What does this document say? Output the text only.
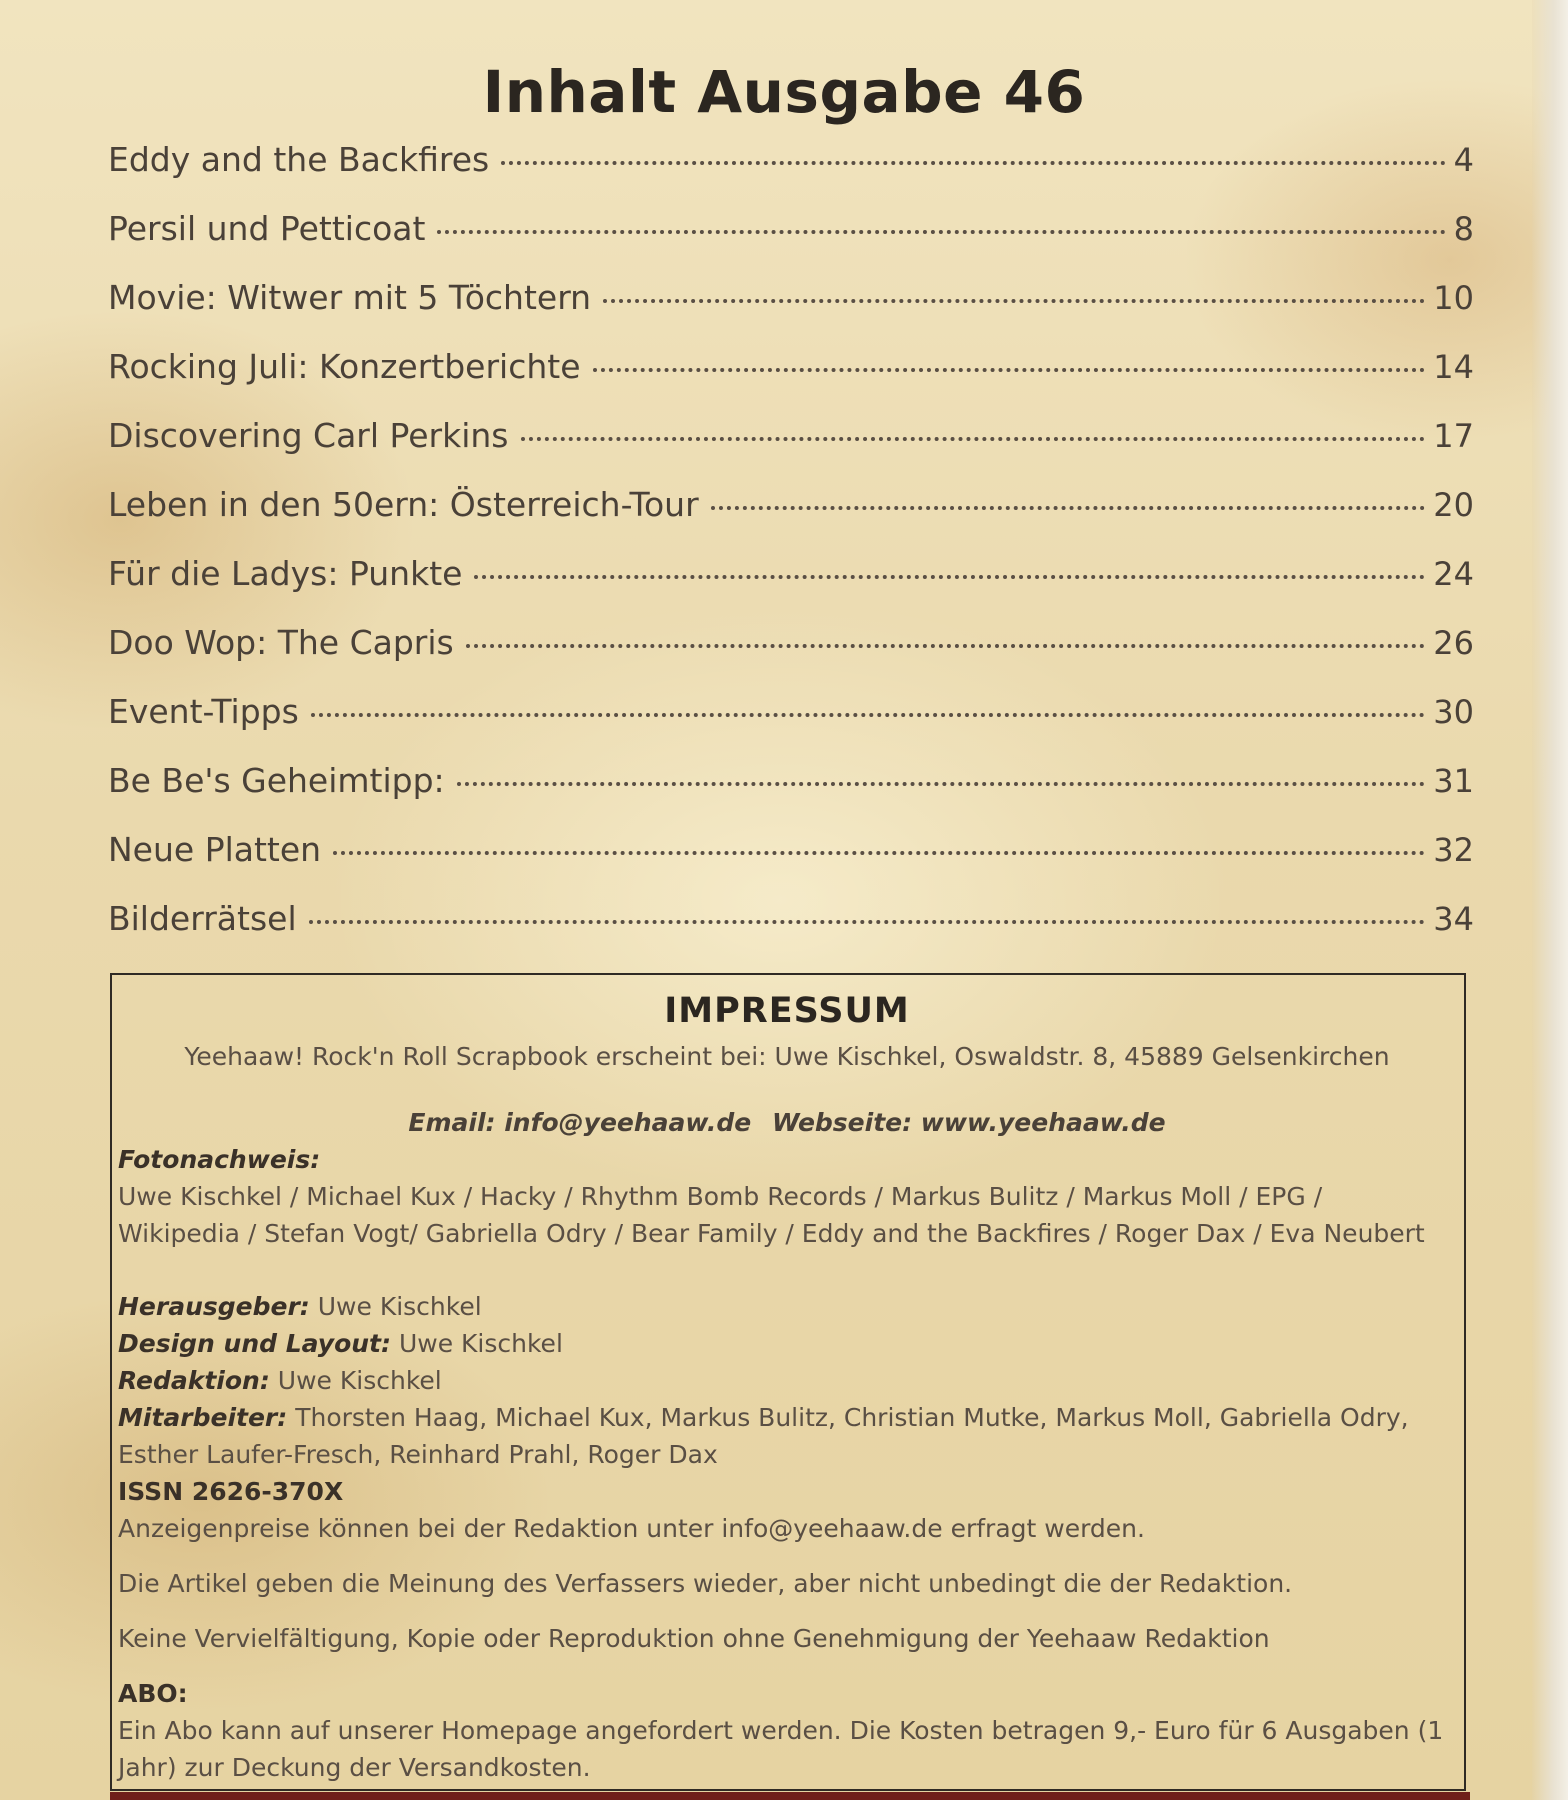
Inhalt Ausgabe 46
Eddy and the Backfires	4
Persil und Petticoat	8
Movie: Witwer mit 5 Töchtern	10
Rocking Juli: Konzertberichte	14
Discovering Carl Perkins	17
Leben in den 50ern: Österreich-Tour	20
Für die Ladys: Punkte	24
Doo Wop: The Capris	26
Event-Tipps	30
Be Be's Geheimtipp:	31
Neue Platten	32
Bilderrätsel	34
IMPRESSUM
Yeehaaw! Rock'n Roll Scrapbook erscheint bei: Uwe Kischkel, Oswaldstr. 8, 45889 Gelsenkirchen
Email: info@yeehaaw.de Webseite: www.yeehaaw.de
Fotonachweis:
Uwe Kischkel / Michael Kux / Hacky / Rhythm Bomb Records / Markus Bulitz / Markus Moll / EPG /
Wikipedia / Stefan Vogt/ Gabriella Odry / Bear Family / Eddy and the Backfires / Roger Dax / Eva Neubert
Herausgeber: Uwe Kischkel
Design und Layout: Uwe Kischkel
Redaktion: Uwe Kischkel
Mitarbeiter: Thorsten Haag, Michael Kux, Markus Bulitz, Christian Mutke, Markus Moll, Gabriella Odry, Esther Laufer-Fresch, Reinhard Prahl, Roger Dax
ISSN 2626-370X
Anzeigenpreise können bei der Redaktion unter info@yeehaaw.de erfragt werden.
Die Artikel geben die Meinung des Verfassers wieder, aber nicht unbedingt die der Redaktion.
Keine Vervielfältigung, Kopie oder Reproduktion ohne Genehmigung der Yeehaaw Redaktion
ABO:
Ein Abo kann auf unserer Homepage angefordert werden. Die Kosten betragen 9,- Euro für 6 Ausgaben (1 Jahr) zur Deckung der Versandkosten.
